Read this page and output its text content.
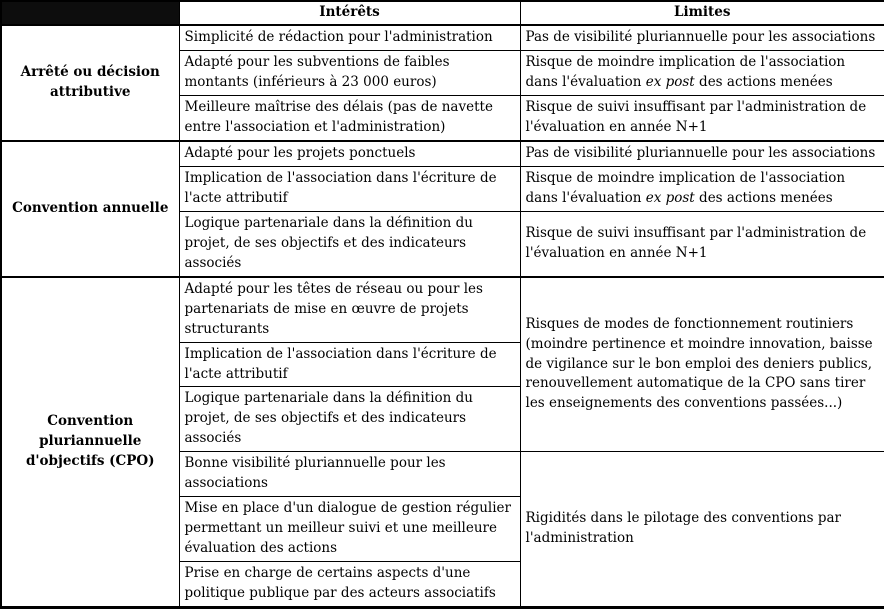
	Intérêts	Limites
Arrêté ou décision attributive	Simplicité de rédaction pour l'administration	Pas de visibilité pluriannuelle pour les associations
	Adapté pour les subventions de faibles montants (inférieurs à 23 000 euros)	Risque de moindre implication de l'association dans l'évaluation ex post des actions menées
	Meilleure maîtrise des délais (pas de navette entre l'association et l'administration)	Risque de suivi insuffisant par l'administration de l'évaluation en année N+1
Convention annuelle	Adapté pour les projets ponctuels	Pas de visibilité pluriannuelle pour les associations
	Implication de l'association dans l'écriture de l'acte attributif	Risque de moindre implication de l'association dans l'évaluation ex post des actions menées
	Logique partenariale dans la définition du projet, de ses objectifs et des indicateurs associés	Risque de suivi insuffisant par l'administration de l'évaluation en année N+1
Convention pluriannuelle d'objectifs (CPO)	Adapté pour les têtes de réseau ou pour les partenariats de mise en œuvre de projets structurants	Risques de modes de fonctionnement routiniers (moindre pertinence et moindre innovation, baisse de vigilance sur le bon emploi des deniers publics, renouvellement automatique de la CPO sans tirer les enseignements des conventions passées...)
	Implication de l'association dans l'écriture de l'acte attributif	
	Logique partenariale dans la définition du projet, de ses objectifs et des indicateurs associés	
	Bonne visibilité pluriannuelle pour les associations	Rigidités dans le pilotage des conventions par l'administration
	Mise en place d'un dialogue de gestion régulier permettant un meilleur suivi et une meilleure évaluation des actions	
	Prise en charge de certains aspects d'une politique publique par des acteurs associatifs	
